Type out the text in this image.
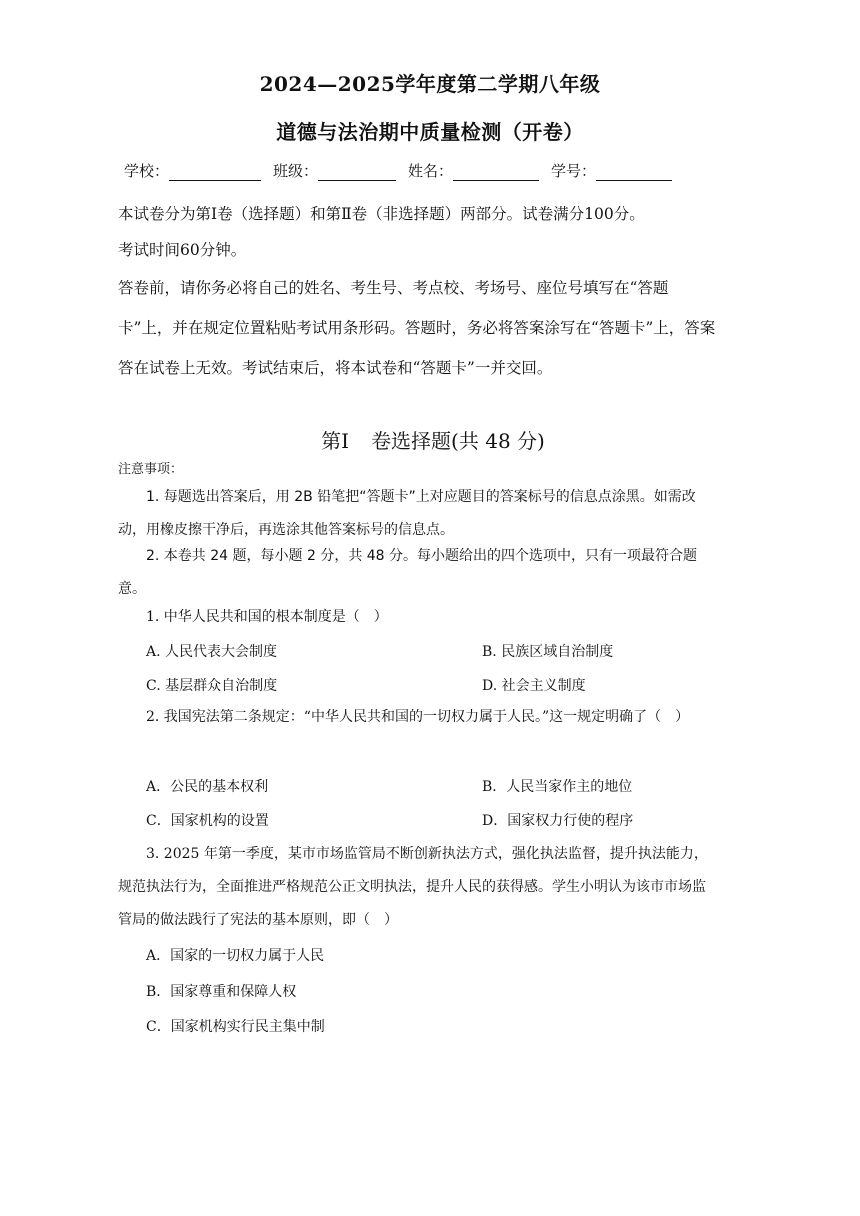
2024—2025学年度第二学期八年级
道德与法治期中质量检测（开卷）
学校：	班级：	姓名：	学号：
本试卷分为第Ⅰ卷（选择题）和第Ⅱ卷（非选择题）两部分。试卷满分100分。
考试时间60分钟。
答卷前，请你务必将自己的姓名、考生号、考点校、考场号、座位号填写在“答题卡”上，并在规定位置粘贴考试用条形码。答题时，务必将答案涂写在“答题卡”上，答案答在试卷上无效。考试结束后，将本试卷和“答题卡”一并交回。
第Ⅰ 卷选择题(共 48 分)
注意事项：
1. 每题选出答案后，用 2B 铅笔把“答题卡”上对应题目的答案标号的信息点涂黑。如需改动，用橡皮擦干净后，再选涂其他答案标号的信息点。
2. 本卷共 24 题，每小题 2 分，共 48 分。每小题给出的四个选项中，只有一项最符合题意。
1. 中华人民共和国的根本制度是（　）
A. 人民代表大会制度	B. 民族区域自治制度
C. 基层群众自治制度	D. 社会主义制度
2. 我国宪法第二条规定：“中华人民共和国的一切权力属于人民。”这一规定明确了（　）
A．公民的基本权利	B．人民当家作主的地位
C．国家机构的设置	D．国家权力行使的程序
3. 2025 年第一季度，某市市场监管局不断创新执法方式，强化执法监督，提升执法能力，规范执法行为，全面推进严格规范公正文明执法，提升人民的获得感。学生小明认为该市市场监管局的做法践行了宪法的基本原则，即（　）
A．国家的一切权力属于人民
B．国家尊重和保障人权
C．国家机构实行民主集中制
